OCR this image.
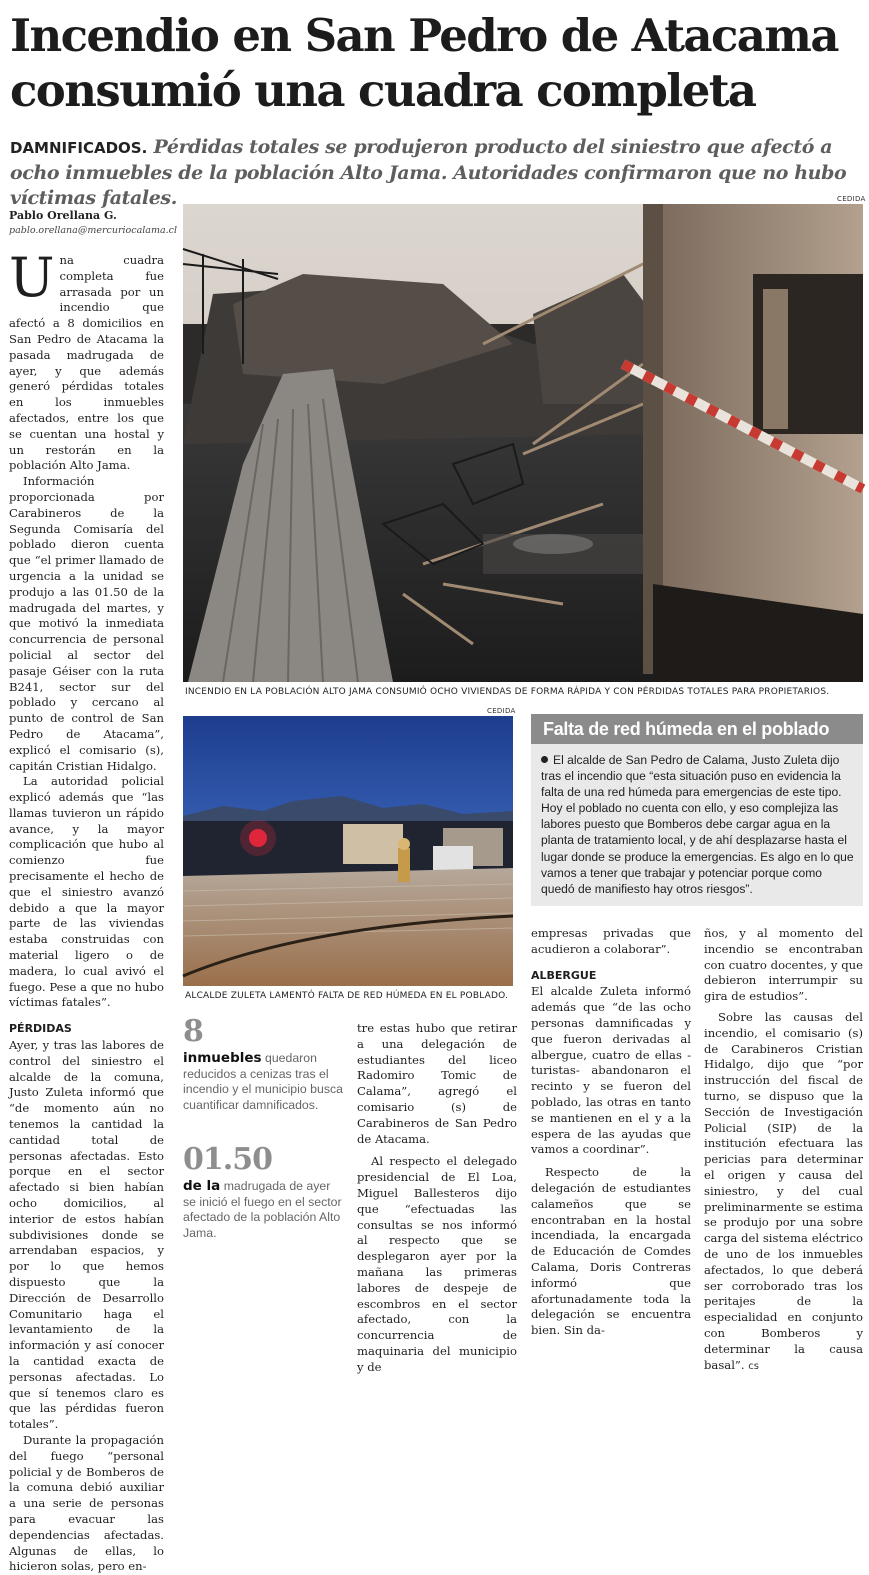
Incendio en San Pedro de Atacama consumió una cuadra completa
DAMNIFICADOS. Pérdidas totales se produjeron producto del siniestro que afectó a ocho inmuebles de la población Alto Jama. Autoridades confirmaron que no hubo víctimas fatales.
Pablo Orellana G.
pablo.orellana@mercuriocalama.cl
CEDIDA
INCENDIO EN LA POBLACIÓN ALTO JAMA CONSUMIÓ OCHO VIVIENDAS DE FORMA RÁPIDA Y CON PÉRDIDAS TOTALES PARA PROPIETARIOS.
CEDIDA
ALCALDE ZULETA LAMENTÓ FALTA DE RED HÚMEDA EN EL POBLADO.
Falta de red húmeda en el poblado
El alcalde de San Pedro de Calama, Justo Zuleta dijo tras el incendio que “esta situación puso en evidencia la falta de una red húmeda para emergencias de este tipo. Hoy el poblado no cuenta con ello, y eso complejiza las labores puesto que Bomberos debe cargar agua en la planta de tratamiento local, y de ahí desplazarse hasta el lugar donde se produce la emergencias. Es algo en lo que vamos a tener que trabajar y potenciar porque como quedó de manifiesto hay otros riesgos”.

Una cuadra completa fue arrasada por un incendio que afectó a 8 domicilios en San Pedro de Atacama la pasada madrugada de ayer, y que además generó pérdidas totales en los inmuebles afectados, entre los que se cuentan una hostal y un restorán en la población Alto Jama.

Información proporcionada por Carabineros de la Segunda Comisaría del poblado dieron cuenta que “el primer llamado de urgencia a la unidad se produjo a las 01.50 de la madrugada del martes, y que motivó la inmediata concurrencia de personal policial al sector del pasaje Géiser con la ruta B241, sector sur del poblado y cercano al punto de control de San Pedro de Atacama”, explicó el comisario (s), capitán Cristian Hidalgo.

La autoridad policial explicó además que “las llamas tuvieron un rápido avance, y la mayor complicación que hubo al comienzo fue precisamente el hecho de que el siniestro avanzó debido a que la mayor parte de las viviendas estaba construidas con material ligero o de madera, lo cual avivó el fuego. Pese a que no hubo víctimas fatales”.

PÉRDIDAS

Ayer, y tras las labores de control del siniestro el alcalde de la comuna, Justo Zuleta informó que “de momento aún no tenemos la cantidad la cantidad total de personas afectadas. Esto porque en el sector afectado si bien habían ocho domicilios, al interior de estos habían subdivisiones donde se arrendaban espacios, y por lo que hemos dispuesto que la Dirección de Desarrollo Comunitario haga el levantamiento de la información y así conocer la cantidad exacta de personas afectadas. Lo que sí tenemos claro es que las pérdidas fueron totales”.

Durante la propagación del fuego “personal policial y de Bomberos de la comuna debió auxiliar a una serie de personas para evacuar las dependencias afectadas. Algunas de ellas, lo hicieron solas, pero en-

8
inmuebles quedaron reducidos a cenizas tras el incendio y el municipio busca cuantificar damnificados.
01.50
de la madrugada de ayer se inició el fuego en el sector afectado de la población Alto Jama.

tre estas hubo que retirar a una delegación de estudiantes del liceo Radomiro Tomic de Calama”, agregó el comisario (s) de Carabineros de San Pedro de Atacama.

Al respecto el delegado presidencial de El Loa, Miguel Ballesteros dijo que “efectuadas las consultas se nos informó al respecto que se desplegaron ayer por la mañana las primeras labores de despeje de escombros en el sector afectado, con la concurrencia de maquinaria del municipio y de

empresas privadas que acudieron a colaborar”.

ALBERGUE

El alcalde Zuleta informó además que “de las ocho personas damnificadas y que fueron derivadas al albergue, cuatro de ellas -turistas- abandonaron el recinto y se fueron del poblado, las otras en tanto se mantienen en el y a la espera de las ayudas que vamos a coordinar”.

Respecto de la delegación de estudiantes calameños que se encontraban en la hostal incendiada, la encargada de Educación de Comdes Calama, Doris Contreras informó que afortunadamente toda la delegación se encuentra bien. Sin da-

ños, y al momento del incendio se encontraban con cuatro docentes, y que debieron interrumpir su gira de estudios”.

Sobre las causas del incendio, el comisario (s) de Carabineros Cristian Hidalgo, dijo que “por instrucción del fiscal de turno, se dispuso que la Sección de Investigación Policial (SIP) de la institución efectuara las pericias para determinar el origen y causa del siniestro, y del cual preliminarmente se estima se produjo por una sobre carga del sistema eléctrico de uno de los inmuebles afectados, lo que deberá ser corroborado tras los peritajes de la especialidad en conjunto con Bomberos y determinar la causa basal”. cs
